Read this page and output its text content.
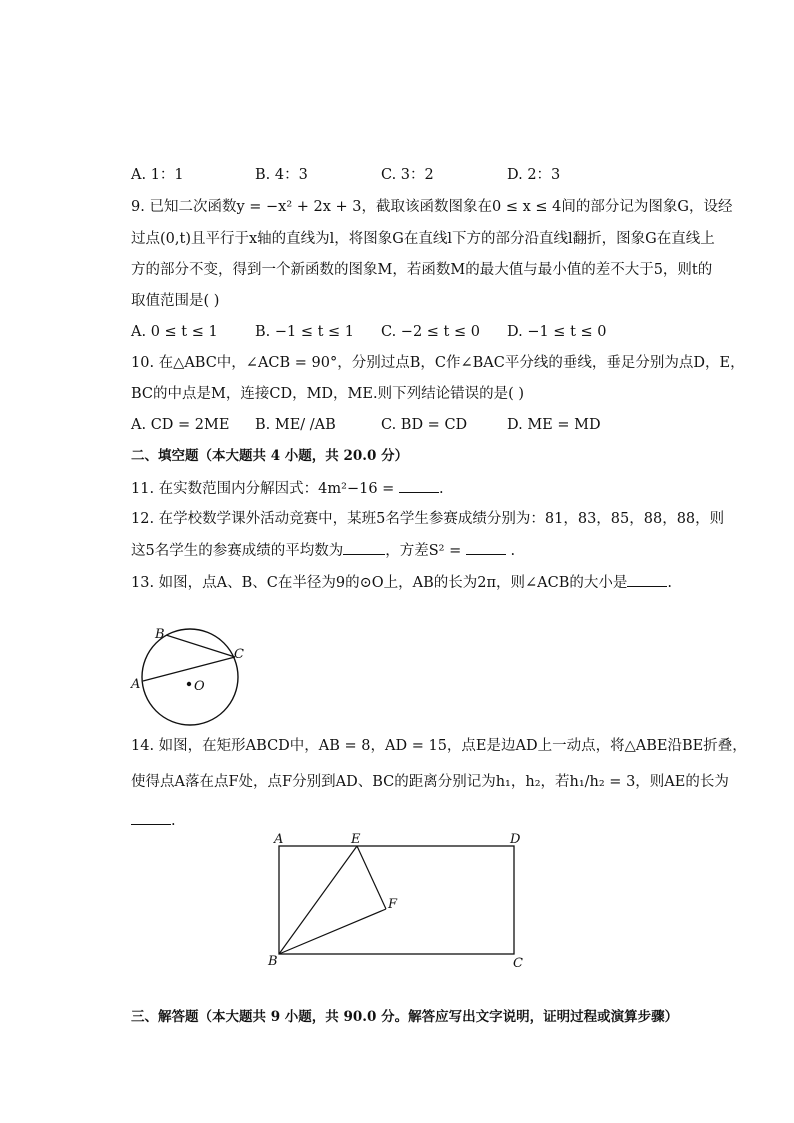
A. 1：1	B. 4：3	C. 3：2	D. 2：3
9. 已知二次函数y = −x² + 2x + 3，截取该函数图象在0 ≤ x ≤ 4间的部分记为图象G，设经
过点(0,t)且平行于x轴的直线为l，将图象G在直线l下方的部分沿直线l翻折，图象G在直线上
方的部分不变，得到一个新函数的图象M，若函数M的最大值与最小值的差不大于5，则t的
取值范围是( )
A. 0 ≤ t ≤ 1	B. −1 ≤ t ≤ 1 C. −2 ≤ t ≤ 0 D. −1 ≤ t ≤ 0
10. 在△ABC中，∠ACB = 90°，分别过点B，C作∠BAC平分线的垂线，垂足分别为点D，E，
BC的中点是M，连接CD，MD，ME.则下列结论错误的是( )
A. CD = 2ME B. ME/ /AB	C. BD = CD	D. ME = MD
二、填空题（本大题共 4 小题，共 20.0 分）
11. 在实数范围内分解因式：4m²−16 =	.
12. 在学校数学课外活动竞赛中，某班5名学生参赛成绩分别为：81，83，85，88，88，则
这5名学生的参赛成绩的平均数为	，方差S² =	.
13. 如图，点A、B、C在半径为9的⊙O上，AB的长为2π，则∠ACB的大小是	.
B
C
A	O
14. 如图，在矩形ABCD中，AB = 8，AD = 15，点E是边AD上一动点，将△ABE沿BE折叠，
使得点A落在点F处，点F分别到AD、BC的距离分别记为h₁，h₂，若h₁/h₂ = 3，则AE的长为
.
A	E	D
F
B	C
三、解答题（本大题共 9 小题，共 90.0 分。解答应写出文字说明，证明过程或演算步骤）
